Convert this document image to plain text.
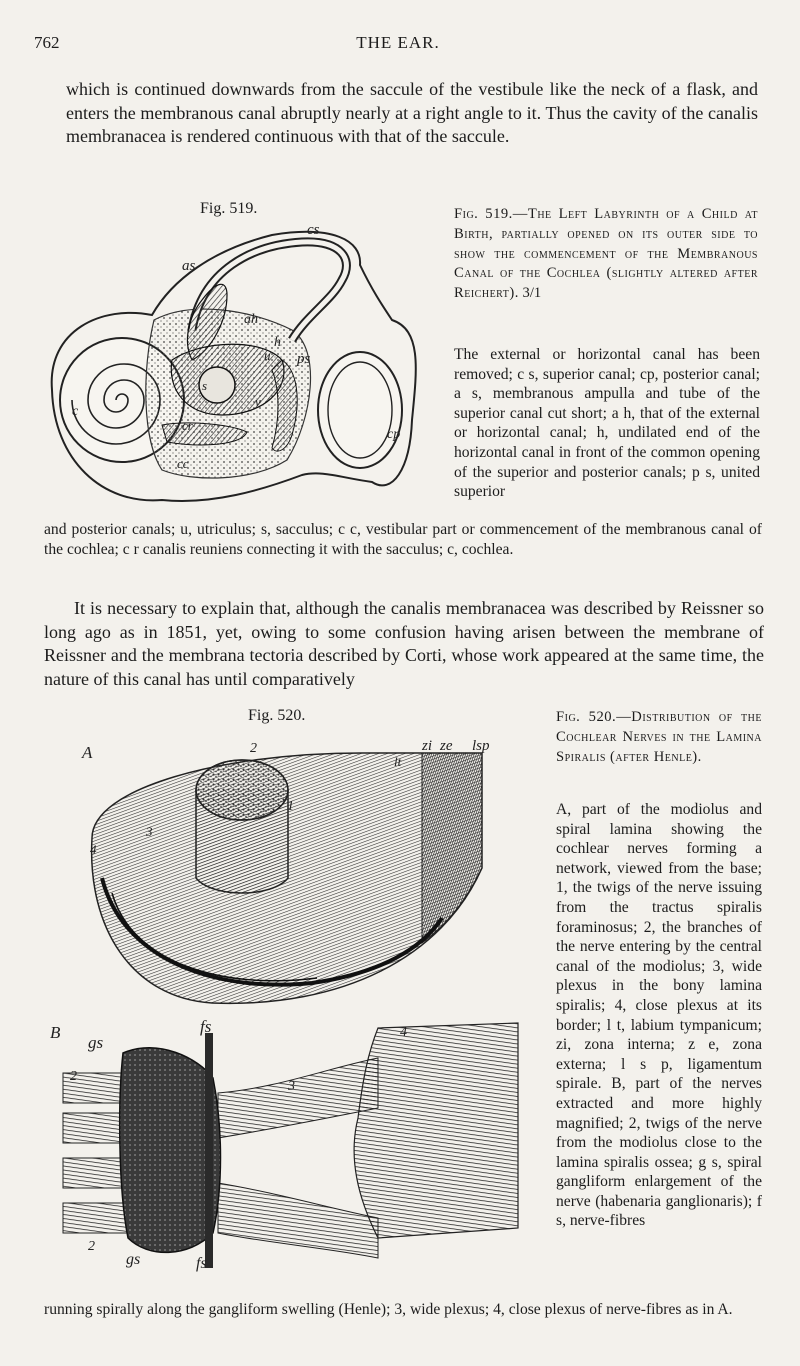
762	THE EAR.

which is continued downwards from the saccule of the vestibule like the neck of a flask, and enters the membranous canal abruptly nearly at a right angle to it. Thus the cavity of the canalis membranacea is rendered continuous with that of the saccule.

Fig. 519.
cs
as
ah
h
u ps
s
v
c
cr
cc
cp

Fig. 519.—The Left Labyrinth of a Child at Birth, partially opened on its outer side to show the commencement of the Membranous Canal of the Cochlea (slightly altered after Reichert). 3/1

The external or horizontal canal has been removed; c s, superior canal; cp, posterior canal; a s, membranous ampulla and tube of the superior canal cut short; a h, that of the external or horizontal canal; h, undilated end of the horizontal canal in front of the common opening of the superior and posterior canals; p s, united superior

and posterior canals; u, utriculus; s, sacculus; c c, vestibular part or commencement of the membranous canal of the cochlea; c r canalis reuniens connecting it with the sacculus; c, cochlea.

It is necessary to explain that, although the canalis membranacea was described by Reissner so long ago as in 1851, yet, owing to some confusion having arisen between the membrane of Reissner and the membrana tectoria described by Corti, whose work appeared at the same time, the nature of this canal has until comparatively

Fig. 520.
A	2
1
3
4
lt
zi ze lsp
B
gs
fs	4
2
3
2
gs	fs

Fig. 520.—Distribution of the Cochlear Nerves in the Lamina Spiralis (after Henle).

A, part of the modiolus and spiral lamina showing the cochlear nerves forming a network, viewed from the base; 1, the twigs of the nerve issuing from the tractus spiralis foraminosus; 2, the branches of the nerve entering by the central canal of the modiolus; 3, wide plexus in the bony lamina spiralis; 4, close plexus at its border; l t, labium tympanicum; zi, zona interna; z e, zona externa; l s p, ligamentum spirale. B, part of the nerves extracted and more highly magnified; 2, twigs of the nerve from the modiolus close to the lamina spiralis ossea; g s, spiral gangliform enlargement of the nerve (habenaria ganglionaris); f s, nerve-fibres

running spirally along the gangliform swelling (Henle); 3, wide plexus; 4, close plexus of nerve-fibres as in A.
